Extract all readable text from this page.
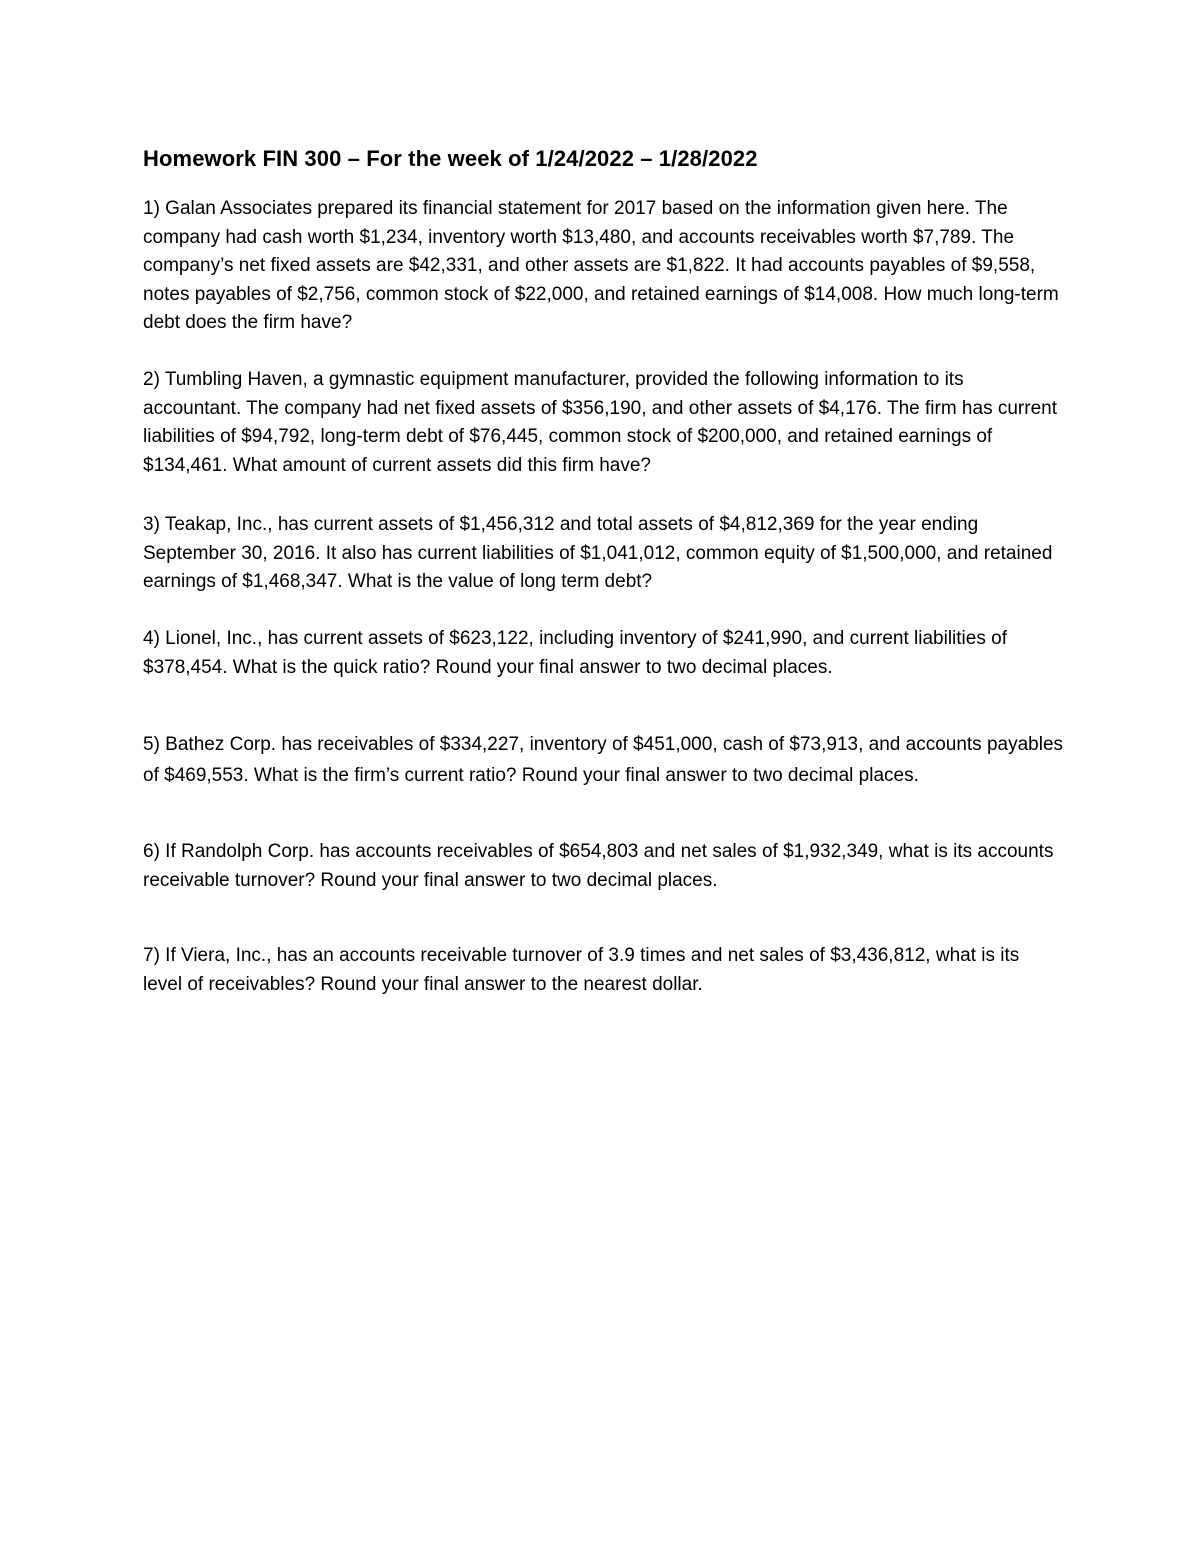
Homework FIN 300 – For the week of 1/24/2022 – 1/28/2022

1) Galan Associates prepared its financial statement for 2017 based on the information given here. The company had cash worth $1,234, inventory worth $13,480, and accounts receivables worth $7,789. The company’s net fixed assets are $42,331, and other assets are $1,822. It had accounts payables of $9,558, notes payables of $2,756, common stock of $22,000, and retained earnings of $14,008. How much long-term debt does the firm have?

2) Tumbling Haven, a gymnastic equipment manufacturer, provided the following information to its accountant. The company had net fixed assets of $356,190, and other assets of $4,176. The firm has current liabilities of $94,792, long-term debt of $76,445, common stock of $200,000, and retained earnings of $134,461. What amount of current assets did this firm have?

3) Teakap, Inc., has current assets of $1,456,312 and total assets of $4,812,369 for the year ending September 30, 2016. It also has current liabilities of $1,041,012, common equity of $1,500,000, and retained earnings of $1,468,347. What is the value of long term debt?

4) Lionel, Inc., has current assets of $623,122, including inventory of $241,990, and current liabilities of $378,454. What is the quick ratio? Round your final answer to two decimal places.

5) Bathez Corp. has receivables of $334,227, inventory of $451,000, cash of $73,913, and accounts payables of $469,553. What is the firm’s current ratio? Round your final answer to two decimal places.

6) If Randolph Corp. has accounts receivables of $654,803 and net sales of $1,932,349, what is its accounts receivable turnover? Round your final answer to two decimal places.

7) If Viera, Inc., has an accounts receivable turnover of 3.9 times and net sales of $3,436,812, what is its level of receivables? Round your final answer to the nearest dollar.
